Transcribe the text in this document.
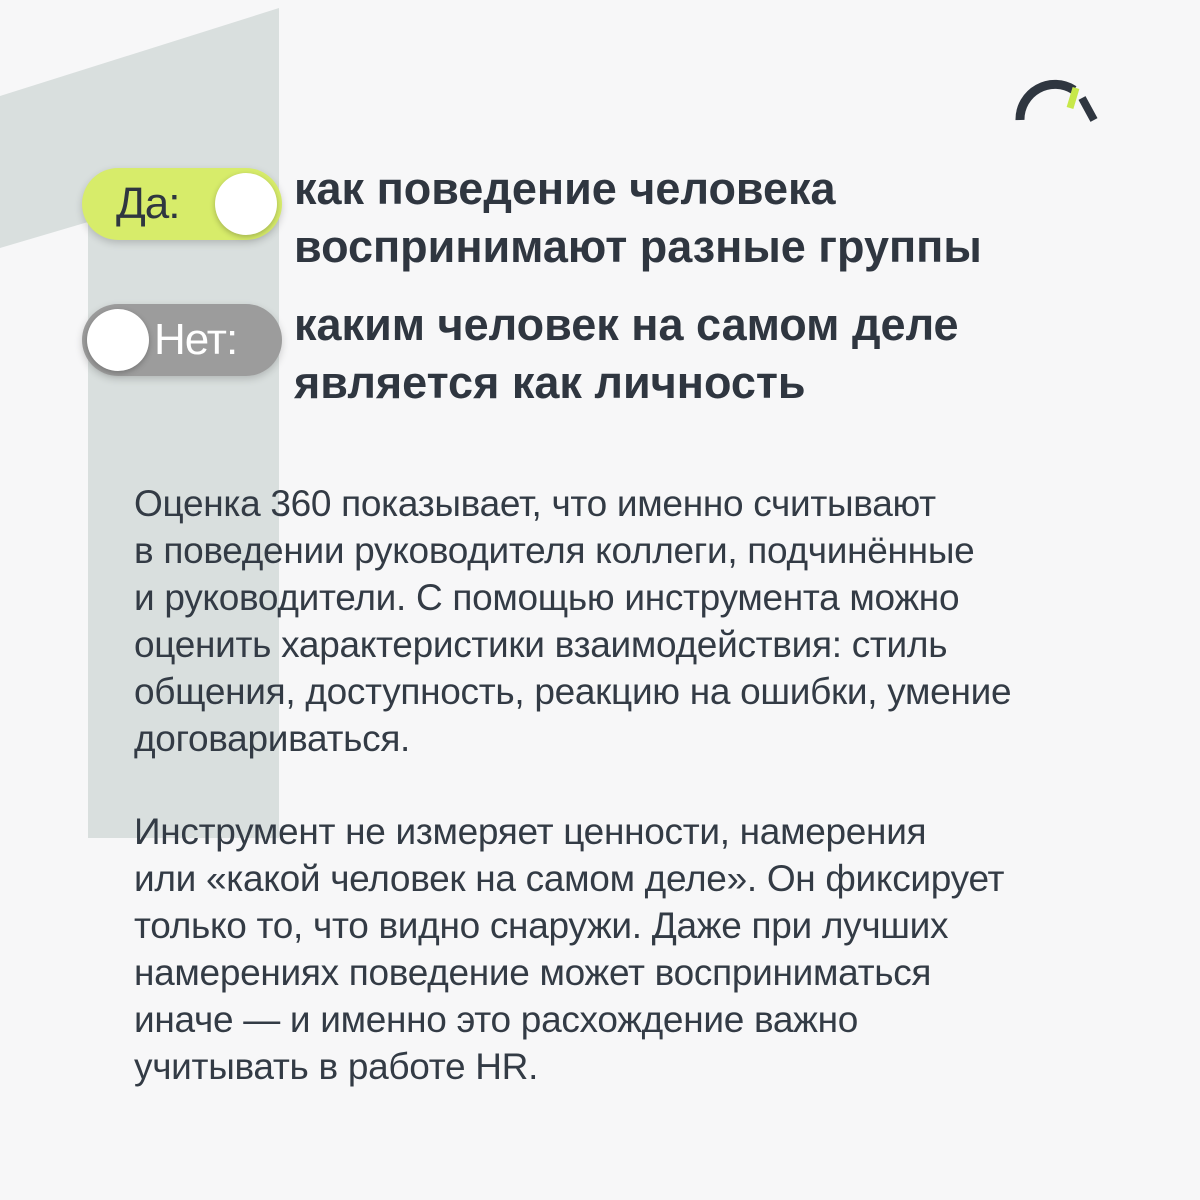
Да:	как поведение человека
воспринимают разные группы
Нет: каким человек на самом деле
является как личность
Оценка 360 показывает, что именно считывают
в поведении руководителя коллеги, подчинённые
и руководители. С помощью инструмента можно
оценить характеристики взаимодействия: стиль
общения, доступность, реакцию на ошибки, умение
договариваться.
Инструмент не измеряет ценности, намерения
или «какой человек на самом деле». Он фиксирует
только то, что видно снаружи. Даже при лучших
намерениях поведение может восприниматься
иначе — и именно это расхождение важно
учитывать в работе HR.
